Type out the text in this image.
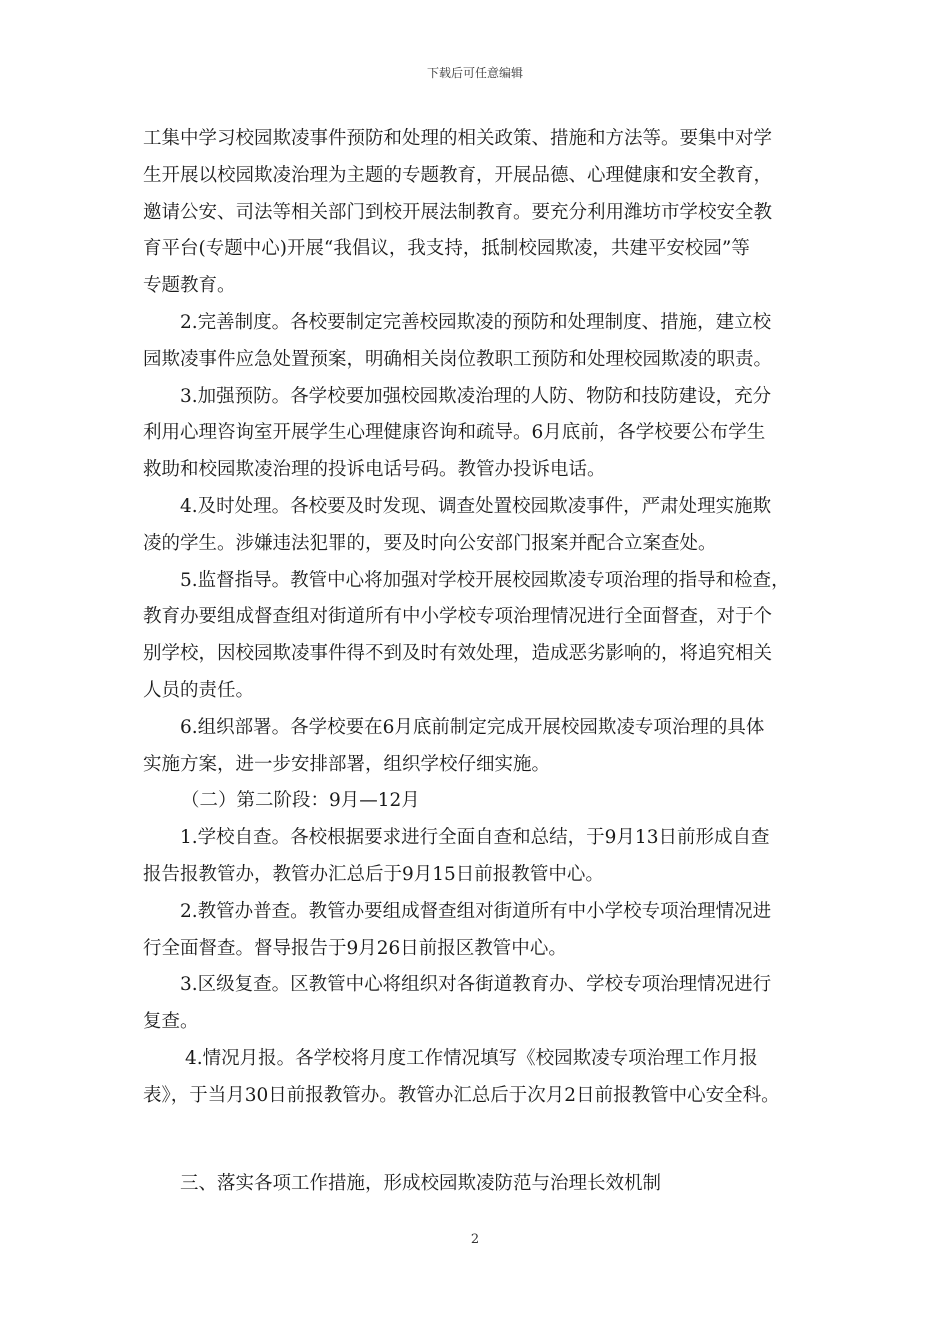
下载后可任意编辑
工集中学习校园欺凌事件预防和处理的相关政策、措施和方法等。要集中对学
生开展以校园欺凌治理为主题的专题教育，开展品德、心理健康和安全教育，
邀请公安、司法等相关部门到校开展法制教育。要充分利用潍坊市学校安全教
育平台(专题中心)开展“我倡议，我支持，抵制校园欺凌，共建平安校园”等
专题教育。
2.完善制度。各校要制定完善校园欺凌的预防和处理制度、措施，建立校
园欺凌事件应急处置预案，明确相关岗位教职工预防和处理校园欺凌的职责。
3.加强预防。各学校要加强校园欺凌治理的人防、物防和技防建设，充分
利用心理咨询室开展学生心理健康咨询和疏导。6月底前，各学校要公布学生
救助和校园欺凌治理的投诉电话号码。教管办投诉电话。
4.及时处理。各校要及时发现、调查处置校园欺凌事件，严肃处理实施欺
凌的学生。涉嫌违法犯罪的，要及时向公安部门报案并配合立案查处。
5.监督指导。教管中心将加强对学校开展校园欺凌专项治理的指导和检查，
教育办要组成督查组对街道所有中小学校专项治理情况进行全面督查，对于个
别学校，因校园欺凌事件得不到及时有效处理，造成恶劣影响的，将追究相关
人员的责任。
6.组织部署。各学校要在6月底前制定完成开展校园欺凌专项治理的具体
实施方案，进一步安排部署，组织学校仔细实施。
（二）第二阶段：9月—12月
1.学校自查。各校根据要求进行全面自查和总结，于9月13日前形成自查
报告报教管办，教管办汇总后于9月15日前报教管中心。
2.教管办普查。教管办要组成督查组对街道所有中小学校专项治理情况进
行全面督查。督导报告于9月26日前报区教管中心。
3.区级复查。区教管中心将组织对各街道教育办、学校专项治理情况进行
复查。
4.情况月报。各学校将月度工作情况填写《校园欺凌专项治理工作月报
表》，于当月30日前报教管办。教管办汇总后于次月2日前报教管中心安全科。
三、落实各项工作措施，形成校园欺凌防范与治理长效机制
2
